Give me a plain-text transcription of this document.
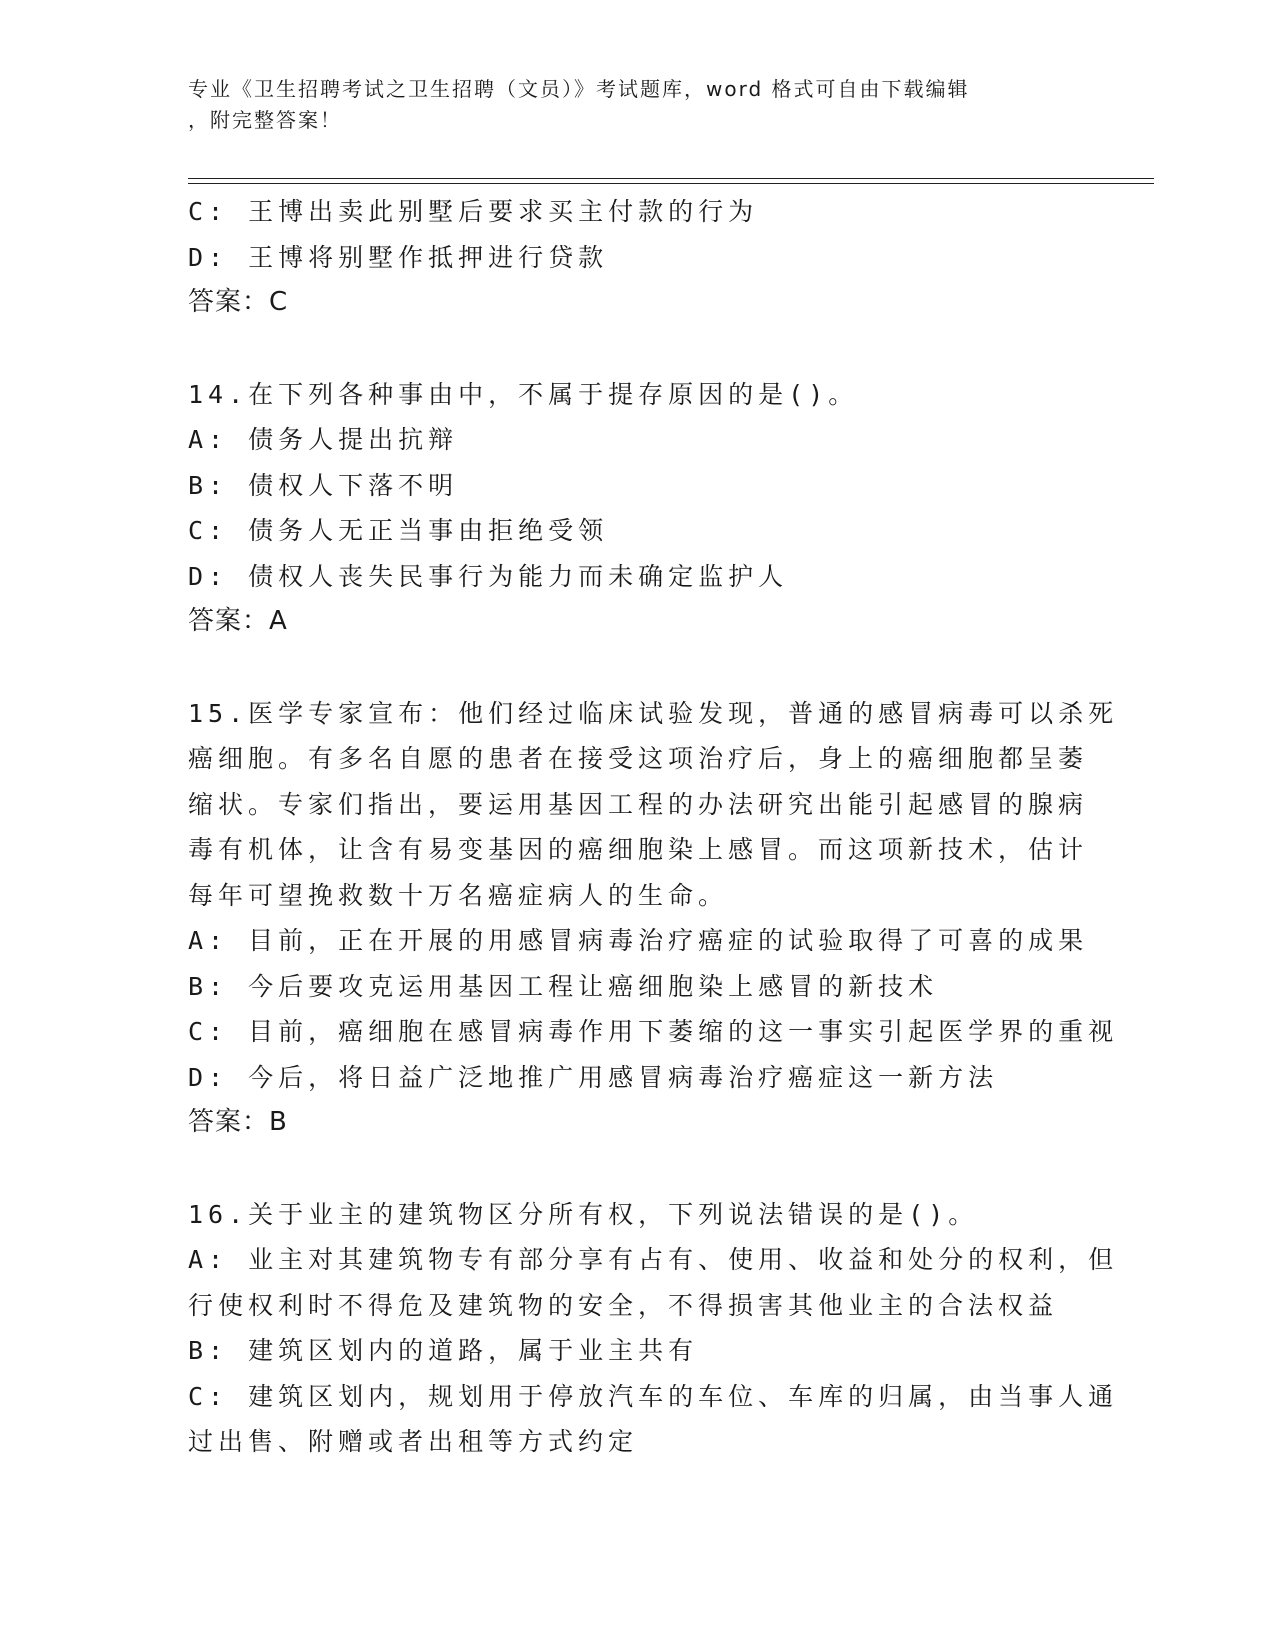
专业《卫生招聘考试之卫生招聘（文员）》考试题库，word 格式可自由下载编辑
，附完整答案！

C: 王博出卖此别墅后要求买主付款的行为

D: 王博将别墅作抵押进行贷款

答案：C

14.在下列各种事由中，不属于提存原因的是()。

A: 债务人提出抗辩

B: 债权人下落不明

C: 债务人无正当事由拒绝受领

D: 债权人丧失民事行为能力而未确定监护人

答案：A

15.医学专家宣布：他们经过临床试验发现，普通的感冒病毒可以杀死

癌细胞。有多名自愿的患者在接受这项治疗后，身上的癌细胞都呈萎

缩状。专家们指出，要运用基因工程的办法研究出能引起感冒的腺病

毒有机体，让含有易变基因的癌细胞染上感冒。而这项新技术，估计

每年可望挽救数十万名癌症病人的生命。

A: 目前，正在开展的用感冒病毒治疗癌症的试验取得了可喜的成果

B: 今后要攻克运用基因工程让癌细胞染上感冒的新技术

C: 目前，癌细胞在感冒病毒作用下萎缩的这一事实引起医学界的重视

D: 今后，将日益广泛地推广用感冒病毒治疗癌症这一新方法

答案：B

16.关于业主的建筑物区分所有权，下列说法错误的是()。

A: 业主对其建筑物专有部分享有占有、使用、收益和处分的权利，但

行使权利时不得危及建筑物的安全，不得损害其他业主的合法权益

B: 建筑区划内的道路，属于业主共有

C: 建筑区划内，规划用于停放汽车的车位、车库的归属，由当事人通

过出售、附赠或者出租等方式约定
